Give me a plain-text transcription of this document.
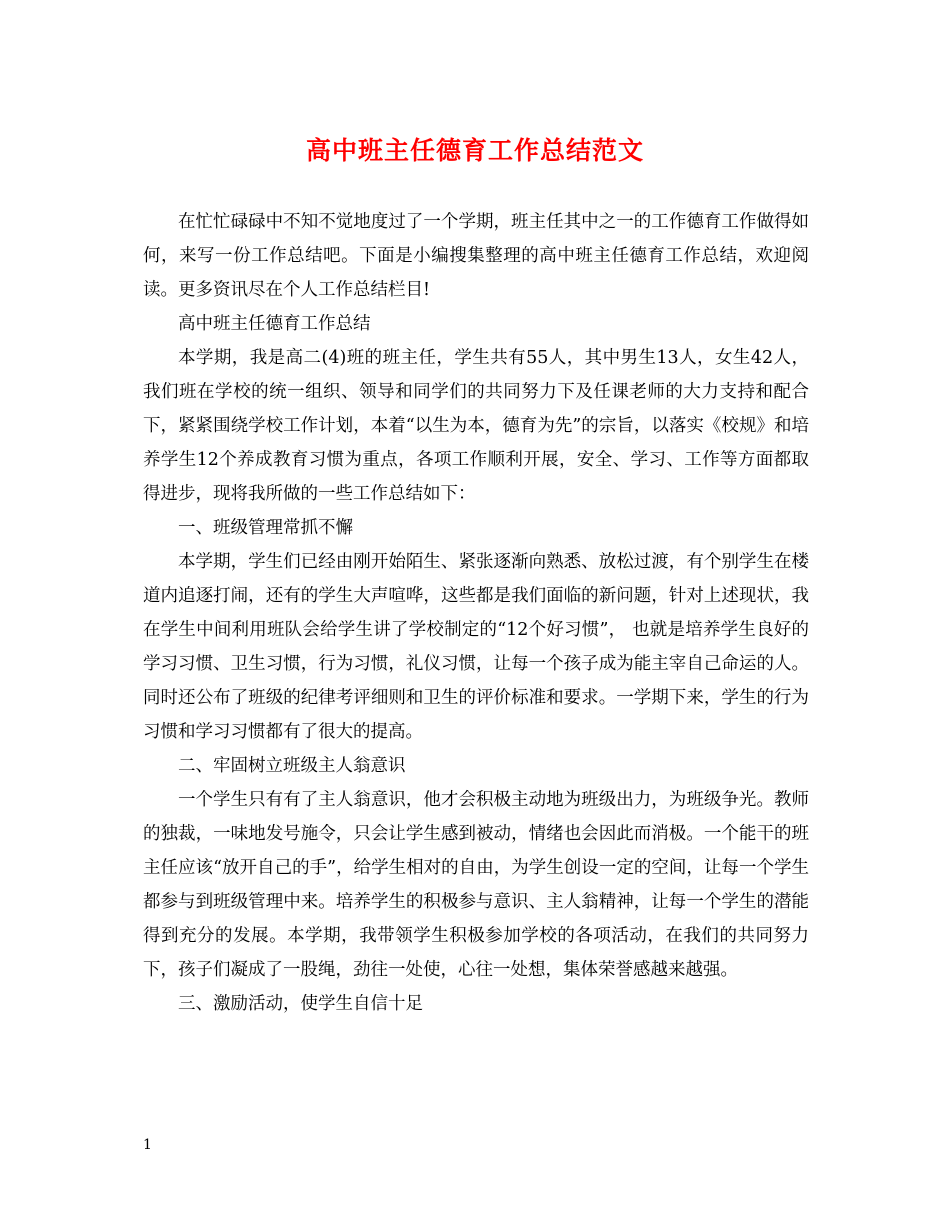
高中班主任德育工作总结范文

在忙忙碌碌中不知不觉地度过了一个学期，班主任其中之一的工作德育工作做得如何，来写一份工作总结吧。下面是小编搜集整理的高中班主任德育工作总结，欢迎阅读。更多资讯尽在个人工作总结栏目!

高中班主任德育工作总结

本学期，我是高二(4)班的班主任，学生共有55人，其中男生13人，女生42人，我们班在学校的统一组织、领导和同学们的共同努力下及任课老师的大力支持和配合下，紧紧围绕学校工作计划，本着“以生为本，德育为先”的宗旨，以落实《校规》和培养学生12个养成教育习惯为重点，各项工作顺利开展，安全、学习、工作等方面都取得进步，现将我所做的一些工作总结如下：

一、班级管理常抓不懈

本学期，学生们已经由刚开始陌生、紧张逐渐向熟悉、放松过渡，有个别学生在楼道内追逐打闹，还有的学生大声喧哗，这些都是我们面临的新问题，针对上述现状，我在学生中间利用班队会给学生讲了学校制定的“12个好习惯”， 也就是培养学生良好的学习习惯、卫生习惯，行为习惯，礼仪习惯，让每一个孩子成为能主宰自己命运的人。同时还公布了班级的纪律考评细则和卫生的评价标准和要求。一学期下来，学生的行为习惯和学习习惯都有了很大的提高。

二、牢固树立班级主人翁意识

一个学生只有有了主人翁意识，他才会积极主动地为班级出力，为班级争光。教师的独裁，一味地发号施令，只会让学生感到被动，情绪也会因此而消极。一个能干的班主任应该“放开自己的手”，给学生相对的自由，为学生创设一定的空间，让每一个学生都参与到班级管理中来。培养学生的积极参与意识、主人翁精神，让每一个学生的潜能得到充分的发展。本学期，我带领学生积极参加学校的各项活动，在我们的共同努力下，孩子们凝成了一股绳，劲往一处使，心往一处想，集体荣誉感越来越强。

三、激励活动，使学生自信十足

1
